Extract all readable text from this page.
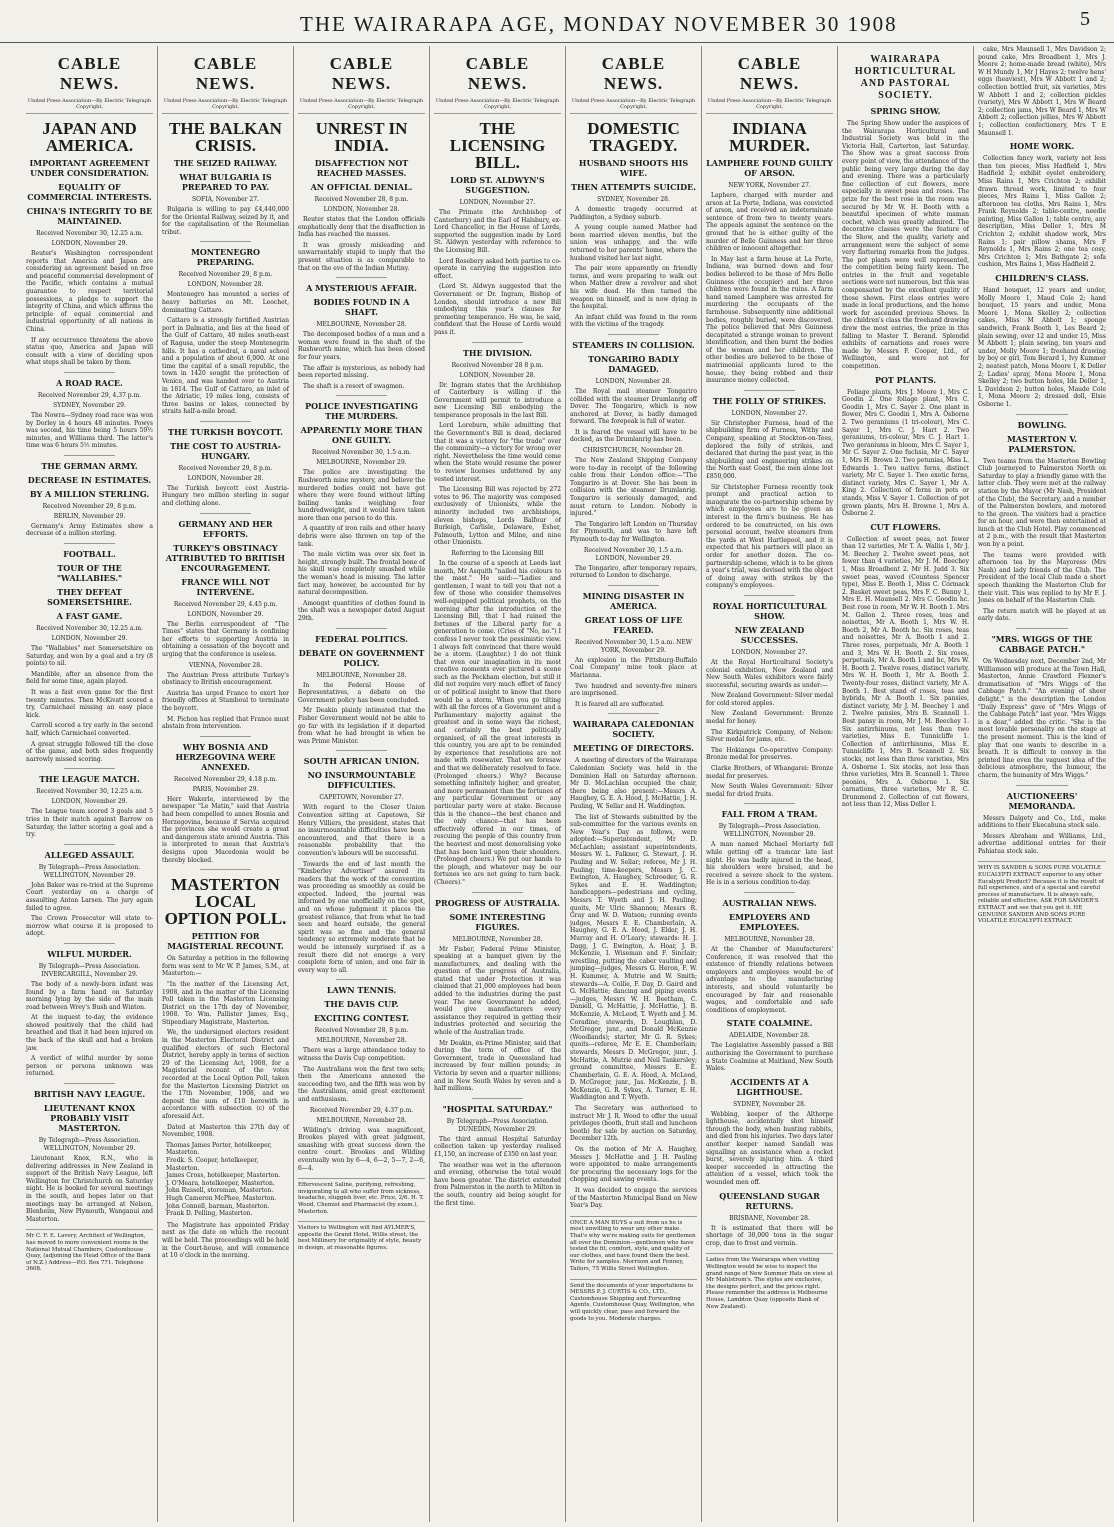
THE WAIRARAPA AGE, MONDAY NOVEMBER 30 1908	5
CABLE NEWS.
United Press Association—By Electric Telegraph Copyright.
JAPAN AND AMERICA.
IMPORTANT AGREEMENT UNDER CONSIDERATION.
EQUALITY OF COMMERCIAL INTERESTS.
CHINA'S INTEGRITY TO BE MAINTAINED.
Received November 30, 12.25 a.m.
LONDON, November 29.
Reuter's Washington correspondent reports that America and Japan are considering an agreement based on free and peaceful commercial development of the Pacific, which contains a mutual guarantee to respect territorial possessions, a pledge to support the integrity of China, and which affirms the principle of equal commercial and industrial opportunity of all nations in China.
If any occurrence threatens the above status quo, America and Japan will consult with a view of deciding upon what steps shall be taken by them.
A ROAD RACE.
Received November 29, 4.37 p.m.
SYDNEY, November 29.
The Nowra—Sydney road race was won by Dorley in 4 hours 48 minutes. Powys was second, his time being 5 hours 59½ minutes, and Williams third. The latter's time was 6 hours 5½ minutes.
THE GERMAN ARMY.
DECREASE IN ESTIMATES.
BY A MILLION STERLING.
Received November 29, 8 p.m.
BERLIN, November 29.
Germany's Army Estimates show a decrease of a million sterling.
FOOTBALL.
TOUR OF THE "WALLABIES."
THEY DEFEAT SOMERSETSHIRE.
A FAST GAME.
Received November 30, 12.25 a.m.
LONDON, November 29.
The "Wallabies" met Somersetshire on Saturday, and won by a goal and a try (8 points) to nil.
Mandible, after an absence from the field for some time, again played.
It was a fast even game for the first twenty minutes. Then McKivatt scored a try, Carmichael missing an easy place kick.
Carroll scored a try early in the second half, which Carmichael converted.
A great struggle followed till the close of the game, and both sides frequently narrowly missed scoring.
THE LEAGUE MATCH.
Received November 30, 12.25 a.m.
LONDON, November 29.
The League team scored 3 goals and 5 tries in their match against Barrow on Saturday, the latter scoring a goal and a try.
ALLEGED ASSAULT.
By Telegraph—Press Association. WELLINGTON, November 29.
John Baker was re-tried at the Supreme Court yesterday on a charge of assaulting Anton Larsen. The jury again failed to agree.
The Crown Prosecutor will state to-morrow what course it is proposed to adopt.
WILFUL MURDER.
By Telegraph—Press Association. INVERCARGILL, November 29.
The body of a newly-born infant was found by a farm hand on Saturday morning lying by the side of the main road between Wrey's Bush and Winton.
At the inquest to-day, the evidence showed positively that the child had breathed and that it had been injured on the back of the skull and had a broken jaw.
A verdict of wilful murder by some person or persons unknown was returned.
BRITISH NAVY LEAGUE.
LIEUTENANT KNOX PROBABLY VISIT MASTERTON.
By Telegraph—Press Association. WELLINGTON, November 29.
Lieutenant Knox, R.N., who is delivering addresses in New Zealand in support of the British Navy League, left Wellington for Christchurch on Saturday night. He is booked for several meetings in the south, and hopes later on that meetings may be arranged at Nelson, Blenheim, New Plymouth, Wanganui and Masterton.
Mr C. F. E. Lavery, Architect of Wellington, has moved to more convenient rooms in the National Mutual Chambers, Customhouse Quay, (adjoining the Head Office of the Bank of N.Z.) Address—P.O. Box 771. Telephone 3608.
CABLE NEWS.
United Press Association—By Electric Telegraph Copyright.
THE BALKAN CRISIS.
THE SEIZED RAILWAY.
WHAT BULGARIA IS PREPARED TO PAY.
SOFIA, November 27.
Bulgaria is willing to pay £4,440,000 for the Oriental Railway, seized by it, and for the capitalisation of the Roumelian tribut.
MONTENEGRO PREPARING.
Received November 29, 8 p.m.
LONDON, November 28.
Montenegro has mounted a series of heavy batteries on Mt. Leochet, dominating Cattaro.
Cattaro is a strongly fortified Austrian port in Dalmatia, and lies at the head of the Gulf of Cattaro, 40 miles south-east of Ragusa, under the steep Montenegrin hills. It has a cathedral, a naval school and a population of about 6,000. At one time the capital of a small republic, the town in 1420 sought the protection of Venice, and was handed over to Austria in 1814. The Gulf of Cattaro, an inlet of the Adriatic, 19 miles long, consists of three basins or lakes, connected by straits half-a-mile broad.
THE TURKISH BOYCOTT.
THE COST TO AUSTRIA-HUNGARY.
Received November 29, 8 p.m.
LONDON, November 28.
The Turkish boycott cost Austria-Hungary two million sterling in sugar and clothing alone.
GERMANY AND HER EFFORTS.
TURKEY'S OBSTINACY ATTRIBUTED TO BRITISH ENCOURAGEMENT.
FRANCE WILL NOT INTERVENE.
Received November 29, 4.45 p.m.
LONDON, November 29.
The Berlin correspondent of "The Times" states that Germany is confining her efforts to supporting Austria in obtaining a cessation of the boycott and urging that the conference is useless.
VIENNA, November 28.
The Austrian Press attribute Turkey's obstinacy to British encouragement.
Austria has urged France to exert her friendly offices at Stamboul to terminate the boycott.
M. Pichon has replied that France must abstain from intervention.
WHY BOSNIA AND HERZEGOVINA WERE ANNEXED.
Received November 29, 4.18 p.m.
PARIS, November 29.
Herr Wakerle, interviewed by the newspaper "Le Matin," said that Austria had been compelled to annex Bosnia and Herzegovina, because if Servia acquired the provinces she would create a great and dangerous state around Austria. This is interpreted to mean that Austria's designs upon Macedonia would be thereby blocked.
MASTERTON LOCAL OPTION POLL.
PETITION FOR MAGISTERIAL RECOUNT.
On Saturday a petition in the following form was sent to Mr W. P. James, S.M., at Masterton:—
"In the matter of the Licensing Act, 1908, and in the matter of the Licensing Poll taken in the Masterton Licensing District on the 17th day of November, 1908. To Wm. Pallister James, Esq., Stipendiary Magistrate, Masterton.
We, the undersigned electors resident in the Masterton Electoral District and qualified electors of such Electoral District, hereby apply in terms of section 29 of the Licensing Act, 1908, for a Magisterial recount of the votes recorded at the Local Option Poll, taken for the Masterton Licensing District on the 17th November, 1908, and we deposit the sum of £10 herewith in accordance with subsection (c) of the aforesaid Act.
Dated at Masterton this 27th day of November, 1908.
Thomas James Porter, hotelkeeper, Masterton.
Fredk. S. Cooper, hotelkeeper, Masterton.
James Cross, hotelkeeper, Masterton.
J. O'Meara, hotelkeeper, Masterton.
John Russell, storeman, Masterton.
Hugh Cameron McPhee, Masterton.
John Connell, barman, Masterton.
Frank D. Pelling, Masterton.
The Magistrate has appointed Friday next as the date on which the recount will be held. The proceedings will be held in the Court-house, and will commence at 10 o'clock in the morning.
CABLE NEWS.
United Press Association—By Electric Telegraph Copyright.
UNREST IN INDIA.
DISAFFECTION NOT REACHED MASSES.
AN OFFICIAL DENIAL.
Received November 28, 8 p.m.
LONDON, November 28.
Reuter states that the London officials emphatically deny that the disaffection in India has reached the masses.
It was grossly misleading and unwarrantably stupid to imply that the present situation is as comparable to that on the eve of the Indian Mutiny.
A MYSTERIOUS AFFAIR.
BODIES FOUND IN A SHAFT.
MELBOURNE, November 28.
The decomposed bodies of a man and a woman were found in the shaft of the Rushworth mine, which has been closed for four years.
The affair is mysterious, as nobody had been reported missing.
The shaft is a resort of swagmen.
POLICE INVESTIGATING THE MURDERS.
APPARENTLY MORE THAN ONE GUILTY.
Received November 30, 1.5 a.m.
MELBOURNE, November 29.
The police are investigating the Rushworth mine mystery, and believe the murdered bodies could not have got where they were found without lifting bailing tanks weighing four hundredweight, and it would have taken more than one person to do this.
A quantity of iron rails and other heavy debris were also thrown on top of the tank.
The male victim was over six feet in height, strongly built. The frontal bone of his skull was completely smashed while the woman's head is missing. The latter fact may, however, be accounted for by natural decomposition.
Amongst quantities of clothes found in the shaft was a newspaper dated August 29th.
FEDERAL POLITICS.
DEBATE ON GOVERNMENT POLICY.
MELBOURNE, November 28.
In the Federal House of Representatives, a debate on the Government policy has been concluded.
Mr Deakin plainly intimated that the Fisher Government would not be able to go far with its legislation if it departed from what he had brought in when he was Prime Minister.
SOUTH AFRICAN UNION.
NO INSURMOUNTABLE DIFFICULTIES.
CAPETOWN, November 27.
With regard to the Closer Union Convention sitting at Capetown, Sir Henry Villiers, the president, states that no insurmountable difficulties have been encountered, and that there is a reasonable probability that the convention's labours will be successful.
Towards the end of last month the "Kimberley Advertiser" assured its readers that the work of the convention was proceeding as smoothly as could be expected. Indeed, the journal was informed by one unofficially on the spot, and on whose judgment it places the greatest reliance, that from what he had seen and heard outside, the general spirit was so fine and the general tendency so extremely moderate that he would be intensely surprised if as a result there did not emerge a very complete form of union, and one fair in every way to all.
LAWN TENNIS.
THE DAVIS CUP.
EXCITING CONTEST.
Received November 28, 8 p.m.
MELBOURNE, November 28.
There was a large attendance today to witness the Davis Cup competition.
The Australians won the first two sets; then the Americans annexed the succeeding two, and the fifth was won by the Australians, amid great excitement and enthusiasm.
Received November 29, 4.37 p.m.
MELBOURNE, November 28.
Wilding's driving was magnificent, Brookes played with great judgment, smashing with great success down the centre court. Brookes and Wilding eventually won by 6—4, 6—2, 5—7, 2—6, 6—4.
Effervescent Saline, purifying, refreshing, invigorating to all who suffer from sickness, headache, sluggish liver, etc. Price, 2/6. H. T. Wood, Chemist and Pharmacist (by exam.), Masterton.
Visitors to Wellington will find AYLMER'S, opposite the Grand Hotel, Willis street, the best Millinery for originality of style, beauty in design, at reasonable figures.
CABLE NEWS.
United Press Association—By Electric Telegraph Copyright.
THE LICENSING BILL.
LORD ST. ALDWYN'S SUGGESTION.
LONDON, November 27.
The Primate (the Archbishop of Canterbury) and the Earl of Halsbury, ex-Lord Chancellor, in the House of Lords, supported the suggestion made by Lord St. Aldwyn yesterday with reference to the Licensing Bill.
Lord Rosebery asked both parties to co-operate in carrying the suggestion into effect.
(Lord St. Aldwyn suggested that the Government or Dr. Ingram, Bishop of London, should introduce a new Bill embodying this year's clauses for promoting temperance. He was, he said, confident that the House of Lords would pass it.
THE DIVISION.
Received November 28 8 p.m.
LONDON, November 28.
Dr. Ingram states that the Archbishop of Canterbury is willing if the Government will permit to introduce a new Licensing Bill embodying the temperance proposals in the last Bill.
Lord Loreburn, while admitting that the Government's Bill is dead, declared that it was a victory for "the trade" over the community—a victory for wrong over right. Nevertheless the time would come when the State would resume the power to review licenses unfettered by any vested interest.
The Licensing Bill was rejected by 272 votes to 96. The majority was composed exclusively of Unionists, while the minority included two archbishops, eleven bishops, Lords Balfour of Burleigh, Carlisle, Delaware, Esher, Falmouth, Lytton and Milne, and nine other Unionists.
Referring to the Licensing Bill
In the course of a speech at Leeds last month, Mr Asquith "nailed his colours to the mast." He said:—"Ladies and gentlemen, I want to tell you that not a few of those who consider themselves well-equipped political prophets, on the morning after the introduction of the Licensing Bill, that I had ruined the fortunes of the Liberal party for a generation to come. (Cries of "No, no.") I confess I never took the pessimistic view. I always felt convinced that there would be a storm. (Laughter.) I do not think that even our imagination in its most creative moments ever pictured a scene such as the Peckham election, but still it did not require very much effort of fancy or of political insight to know that there would be a storm. When you go tilting with all the forces of a Government and a Parliamentary majority against the greatest and in some ways the richest, and certainly the best politically organised, of all the great interests in this country, you are apt to be reminded by experience that resolutions are not made with rosewater. That we foresaw and that we deliberately resolved to face. (Prolonged cheers.) Why? Because something infinitely higher, and greater, and more permanent than the fortunes of any particular Government or any particular party were at stake. Because this is the chance—the best chance and the only chance—that has been effectively offered in our times, of rescuing the people of this country from the heaviest and most demoralising yoke that has been laid upon their shoulders. (Prolonged cheers.) We put our hands to the plough, and whatever may be our fortunes we are not going to turn back. (Cheers)."
PROGRESS OF AUSTRALIA.
SOME INTERESTING FIGURES.
MELBOURNE, November 28.
Mr Fisher, Federal Prime Minister, speaking at a banquet given by the manufacturers, and dealing with the question of the progress of Australia, stated that under Protection it was claimed that 21,000 employees had been added to the industries during the past year. The new Government he added, would give manufacturers every assistance they required in getting their industries protected and securing the whole of the Australian trade.
Mr Deakin, ex-Prime Minister, said that during the term of office of the Government, trade in Queensland had increased by four million pounds; in Victoria by seven and a quarter millions; and in New South Wales by seven and a half millions.
"HOSPITAL SATURDAY."
By Telegraph—Press Association. DUNEDIN, November 29.
The third annual Hospital Saturday collection taken up yesterday realised £1,150, an increase of £350 on last year.
The weather was wet in the afternoon and evening, otherwise the total would have been greater. The district extended from Palmerston in the north to Milton in the south, country aid being sought for the first time.
CABLE NEWS.
United Press Association—By Electric Telegraph Copyright.
DOMESTIC TRAGEDY.
HUSBAND SHOOTS HIS WIFE.
THEN ATTEMPTS SUICIDE.
SYDNEY, November 28.
A domestic tragedy occurred at Paddington, a Sydney suburb.
A young couple named Mather had been married eleven months, but the union was unhappy, and the wife returned to her parents' home, where the husband visited her last night.
The pair were apparently on friendly terms, and were preparing to walk out when Mather drew a revolver and shot his wife dead. He then turned the weapon on himself, and is now dying in the hospital.
An infant child was found in the room with the victims of the tragedy.
STEAMERS IN COLLISION.
TONGARIRO BADLY DAMAGED.
LONDON, November 28.
The Royal mail steamer Tongariro collided with the steamer Drumlanrig off Dover. The Tongariro, which is now anchored at Dover, is badly damaged forward. The forepeak is full of water.
It is feared the vessel will have to be docked, as the Drumlanrig has been.
CHRISTCHURCH, November 28.
The New Zealand Shipping Company were to-day in receipt of the following cable from their London office:—"The Tongariro is at Dover. She has been in collision with the steamer Drumlanrig. Tongariro is seriously damaged, and must return to London. Nobody is injured."
The Tongariro left London on Thursday for Plymouth, and was to have left Plymouth to-day for Wellington.
Received November 30, 1.5 a.m. LONDON, November 29.
The Tongariro, after temporary repairs, returned to London to discharge.
MINING DISASTER IN AMERICA.
GREAT LOSS OF LIFE FEARED.
Received November 30, 1.5 a.m. NEW YORK, November 29.
An explosion in the Pittsburg-Buffalo Coal Company' mine took place at Marianna.
Two hundred and seventy-five miners are imprisoned.
It is feared all are suffocated.
WAIRARAPA CALEDONIAN SOCIETY.
MEETING OF DIRECTORS.
A meeting of directors of the Wairarapa Caledonian Society was held in the Dominion Hall on Saturday afternoon. Mr D. McLachlan occupied the chair, there being also present:—Messrs A. Haughey, G. E. A. Hood, J. McHattie, J. H. Pauling, W. Sellar and H. Waddington.
The list of Stewards submitted by the sub-committee for the various events on New Year's Day as follows, were adopted:—Superintendent, Mr D. McLachlan; assistant superintendents, Messrs W. L. Falkner, G. Stewart, J. H. Pauling and W. Sellar; referee, Mr J. H. Pauling; time-keepers, Messrs J. C. Ewington, A. Haughey, Schroeder, G. R. Sykes and E. H. Waddington; handicappers—pedestrians and cycling, Messrs T. Wyeth and J. H. Pauling; quoits, Mr Ulric Shannon; Messrs R. Gray and W. D. Watson; running events judges, Messrs E. E. Chamberlain, A. Haughey, G. E. A. Hood, J. Elder, J. H. Murray and H. O'Leary; stewards: H. J. Dagg, J. C. Ewington, A. Hoar, J. B. McKenzie, I. Wiseman and F. Sinclair; wrestling, putting the caber vaulting and jumping—judges, Messrs G. Heron, F. W. H. Kummer, A. Mutrie and W. Smith; stewards—A. Collie, F. Day, D. Gaird and G. McHattie; dancing and piping events—judges, Messrs W. H. Beetham, C. Daniell, G. McHattie, J. McHattie, J. B. McKenzie, A. McLeod, T. Wyeth and J. M. Coradine; stewards, D. Loughlan, D. McGregor, junr., and Donald McKenzie (Woodlands); starter, Mr G. R. Sykes; quoits—referee, Mr E. E. Chamberlain; stewards, Messrs D. McGregor, junr., J. McHattie, A. Mutrie and Neil Tankersley; ground committee, Messrs E. E. Chamberlain, G. E. A. Hood, A. McLeod, D. McGregor, junr., Jas. McKenzie, J. B. McKenzie, G. R. Sykes, A. Turner, E. H. Waddington and T. Wyeth.
The Secretary was authorised to instruct Mr J. R. Wood to offer the usual privileges (booth, fruit stall and luncheon booth) for sale by auction on Saturday, December 12th.
On the motion of Mr A. Haughey, Messrs J. McHattie and J. H. Pauling were appointed to make arrangements for procuring the necessary logs for the chopping and sawing events.
It was decided to engage the services of the Masterton Municipal Band on New Year's Day.
ONCE A MAN BUYS a suit from us he is most unwilling to wear any other make. That's why we're making suits for gentlemen all over the Dominion—gentlemen who have tested the fit, comfort, style, and quality of our clothes, and have found them the best. Write for samples. Morrison and Fenney, Tailors, 75 Willis Street Wellington.
Send the documents of your importations to MESSRS P. J. CURTIS & CO., LTD., Customhouse Shipping and Forwarding Agents, Customhouse Quay, Wellington, who will quickly clear, pass and forward the goods to you. Moderate charges.
CABLE NEWS.
United Press Association—By Electric Telegraph Copyright.
INDIANA MURDER.
LAMPHERE FOUND GUILTY OF ARSON.
NEW YORK, November 27.
Laphere, charged with murder and arson at La Porte, Indiana, was convicted of arson, and received an indeterminate sentence of from two to twenty years. The appeals against the sentence on the ground that he is either guilty of the murder of Belle Guinness and her three children or innocent altogether.
In May last a farm house at La Porte, Indiana, was burned down and four bodies believed to be those of Mrs Belle Guinness (the occupier) and her three children were found in the ruins. A farm hand named Lamphere was arrested for murdering the occupants of the farmhouse. Subsequently nine additional bodies, roughly buried, were discovered. The police believed that Mrs Guinness decapitated a strange woman to prevent identification, and then burnt the bodies of the woman and her children. The other bodies are believed to be those of matrimonial applicants lured to the house, they being robbed and their insurance money collected.
THE FOLLY OF STRIKES.
LONDON, November 27.
Sir Christopher Furness, head of the shipbuilding firm of Furness, Withy and Company, speaking at Stockton-on-Tees, deplored the folly of strikes, and declared that during the past year, in the shipbuilding and engineering strikes on the North east Coast, the men alone lost £850,000.
Sir Christopher Furness recently took prompt and practical action to inaugurate the co-partnership scheme by which employees are to be given an interest in the firm's business. He has ordered to be constructed, on his own personal account, twelve steamers from the yards at West Hartlepool, and it is expected that his partners will place an order for another dozen. The co-partnership scheme, which is to be given a year's trial, was devised with the object of doing away with strikes by the company's employees.
ROYAL HORTICULTURAL SHOW.
NEW ZEALAND SUCCESSES.
LONDON, November 27.
At the Royal Horticultural Society's colonial exhibition, New Zealand and New South Wales exhibitors were fairly successful, securing awards as under:—
New Zealand Government: Silver medal for cold stored apples.
New Zealand Government: Bronze medal for honey.
The Kirkpatrick Company, of Nelson: Silver medal for jams, etc.
The Hokianga Co-operative Company: Bronze medal for preserves.
Clarke Brothers, of Whangarei: Bronze medal for preserves.
New South Wales Government: Silver medal for dried fruits.
FALL FROM A TRAM.
By Telegraph—Press Association. WELLINGTON, November 29.
A man named Michael Moriarty fell while getting off a tramcar late last night. He was badly injured in the head, his shoulders were bruised, and he received a severe shock to the system. He is in a serious condition to-day.
AUSTRALIAN NEWS.
EMPLOYERS AND EMPLOYEES.
MELBOURNE, November 28.
At the Chamber of Manufacturers' Conference, it was resolved that the existence of friendly relations between employers and employees would be of advantage to the manufacturing interests, and should voluntarily be encouraged by fair and reasonable wages, and comfortable and safe conditions of employment.
STATE COALMINE.
ADELAIDE, November 28.
The Legislative Assembly passed a Bill authorising the Government to purchase a State Coalmine at Maitland, New South Wales.
ACCIDENTS AT A LIGHTHOUSE.
SYDNEY, November 28.
Webbing, keeper of the Althorpe lighthouse, accidentally shot himself through the body, when hunting rabbits, and died from his injuries. Two days later another keeper named Sandall was signalling an assistance when a rocket burst, severely injuring him. A third keeper succeeded in attracting the attention of a vessel, which took the wounded men off.
QUEENSLAND SUGAR RETURNS.
BRISBANE, November 28.
It is estimated that there will be shortage of 30,000 tons in the sugar crop, due to frost and vermin.
Ladies from the Wairarapa when visiting Wellington would be wise to inspect the grand range of New Summer Hats on view at Mr Mahlstrom's. The styles are exclusive, the designs perfect, and the prices right. Please remember the address is Melbourne House, Lambton Quay (opposite Bank of New Zealand).
WAIRARAPA HORTICULTURAL AND PASTORAL SOCIETY.
SPRING SHOW.
The Spring Show under the auspices of the Wairarapa Horticultural and Industrial Society was held in the Victoria Hall, Carterton, last Saturday. The Show was a great success from every point of view, the attendance of the public being very large during the day and evening. There was a particularly fine collection of cut flowers, more especially in sweet peas and roses. The prize for the best rose in the room was secured by Mr W. H. Booth with a beautiful specimen of white maman cochet, which was greatly admired. The decorative classes were the feature of the Show, and the quality, variety and arrangement were the subject of some very flattering remarks from the judges. The pot plants were well represented, the competition being fairly keen. The entries in the fruit and vegetable sections were not numerous, but this was compensated by the excellent quality of those shown. First class entries were made in local productions, and the home work for ascended previous Shows. In the children's class the freehand drawing drew the most entries, the prize in this falling to Master T. Berand. Splendid exhibits of carnations and roses were made by Messrs F. Cooper, Ltd., of Wellington, and were not for competition.
POT PLANTS.
Foliage plants, Mrs J. Moore 1, Mrs C. Goodin 2. One foliage plant, Mrs C. Goodin 1, Mrs C. Sayer 2. One plant in flower, Mrs C. Goodin 1, Mrs A. Osborne 2. Two geraniums (1 tri-colour), Mrs C. Sayer 1, Mrs C. J. Hart 2. Two geraniums, tri-colour, Mrs C. J. Hart 1. Two geraniums in bloom, Mrs C. Sayer 1, Mr C. Sayer 2. One fuchsia, Mr C. Sayer 1, Mrs H. Brown 2. Two petunias, Miss L. Edwards 1. Two native ferns, distinct variety, Mr C. Sayer 1. Two exotic ferns, distinct variety, Mrs C. Sayer 1, Mr A. King 2. Collection of ferns in pots or stands, Miss V. Sayer 1. Collection of pot grown plants, Mrs H. Browne 1, Mrs A. Osborne 2.
CUT FLOWERS.
Collection of sweet peas, not fewer than 12 varieties, Mr T. A. Wallis 1, Mr J. M. Beechey 2. Twelve sweet peas, not fewer than 4 varieties, Mr J. M. Beechey 1, Miss Broadbent 2. Mr H. Judd 3. Six sweet peas, waved (Countess Spencer type), Miss E. Booth 1, Miss C. Cormack 2. Basket sweet peas, Mrs F. C. Bunny 1, Mrs E. H. Maunsell 2. Mrs C. Goodin hc. Best rose in room, Mr W. H. Booth 1. Mrs M. Gallon 2. Three roses, teas and noisettes, Mr A. Booth 1, Mrs W. H. Booth 2, Mr A. Booth hc. Six roses, teas and noisettes, Mr A. Booth 1 and 2. Three roses, perpetuals, Mr A. Booth 1 and 3, Mrs W. H. Booth 2. Six roses, perpetuals, Mr A. Booth 1 and hc, Mrs W. H. Booth 2. Twelve roses, distinct variety, Mrs W. H. Booth 1, Mr A. Booth 2. Twenty-four roses, distinct variety, Mr A. Booth 1. Best stand of roses, teas and hybrids, Mr A. Booth 1. Six pansies, distinct variety, Mr J. M. Beechey 1 and 2. Twelve pansies, Mrs B. Scannell 1. Best pansy in room, Mr J. M. Beechey 1. Six antirrhinums, not less than two varieties, Miss E. Tunnicliffe 1. Collection of antirrhinums, Miss E. Tunnicliffe 1, Mrs B. Scannell 2. Six stocks, not less than three varieties, Mrs A. Osborne 1. Six stocks, not less than three varieties, Mrs B. Scannell 1. Three peonies, Mrs A. Osborne 1. Six carnations, three varieties, Mr R. C. Drummond 2. Collection of cut flowers, not less than 12, Miss Deller 1.
cake, Mrs Maunsell 1, Mrs Davidson 2; pound cake, Mrs Broadbent 1, Mrs J. Moore 2; home-made bread (white), Mrs W H Mundy 1, Mr J Hayes 2; twelve hens' eggs (heaviest), Mrs W Abbott 1 and 2; collection bottled fruit, six varieties, Mrs W Abbott 1 and 2; collection pickles (variety), Mrs W Abbott 1, Mrs W Beard 2; collection jams, Mrs W Beard 1, Mrs W Abbott 2; collection jellies, Mrs W Abbott 1; collection confectionery, Mrs T E Maunsell 1.
HOME WORK.
Collection fancy work, variety not less than ten pieces, Miss Hadfield 1, Mrs Hadfield 2; exhibit eyelet embroidery, Miss Rains 1, Mrs Crichton 2; exhibit drawn thread work, limited to four pieces, Mrs Rains 1, Miss Gallon 2; afternoon tea cloths, Mrs Rains 1, Mrs Frank Reynolds 2; table-centre, needle painting, Miss Gallon 1; table centre, any description, Miss Deller 1, Mrs M Crichton 2; exhibit shadow work, Mrs Rains 1; pair pillow shams, Mrs F Reynolds 1, Mrs Rains 2; one tea cosy, Mrs Crichton 1; Mrs Bathgate 2; sofa cushion, Mrs Rains 1, Miss Hadfield 2.
CHILDREN'S CLASS.
Hand bouquet, 12 years and under, Molly Moore 1, Maud Cole 2; hand bouquet, 15 years and under, Mona Moore 1, Mona Skelley 2; collection cakes, Miss M Abbott 1; sponge sandwich, Frank Booth 1, Les Beard 2; plain sewing, over 12 and under 15, Miss M Abbott 1; plain sewing, ten years and under, Molly Moore 1; freehand drawing by boy or girl, Tom Berard 1, Ivy Kummer 2; neatest patch, Mona Moore 1, K Deller 2; Ladies' spray, Mona Moore 1, Mona Skelley 2; two button holes, Ida Deller 1, L Davidson 2; button holes, Maude Cole 1, Mona Moore 2; dressed doll, Elsie Osborne 1.
BOWLING.
MASTERTON V. PALMERSTON.
Two teams from the Masterton Bowling Club journeyed to Palmerston North on Saturday to play a friendly game with the latter club. They were met at the railway station by the Mayor (Mr Nash, President of the Club), the Secretary, and a number of the Palmerston bowlers, and motored to the green. The visitors had a practice for an hour, and were then entertained at lunch at the Club Hotel. Play commenced at 2 p.m., with the result that Masterton won by a point.
The teams were provided with afternoon tea by the Mayoress (Mrs Nash) and lady friends of the Club. The President of the local Club made a short speech thanking the Masterton Club for their visit. This was replied to by Mr F. J. Jones on behalf of the Masterton Club.
The return match will be played at an early date.
"MRS. WIGGS OF THE CABBAGE PATCH."
On Wednesday next, December 2nd, Mr Williamson will produce at the Town Hall, Masterton, Annie Crawford Flexner's dramatisation of "Mrs Wiggs of the Cabbage Patch." "An evening of sheer delight," is the description the London "Daily Express" gave of "Mrs Wiggs of the Cabbage Patch" last year. "Mrs Wiggs is a dear," added the critic. "She is the most lovable personality on the stage at the present moment. This is the kind of play that one wants to describe in a breath. It is difficult to convey in the printed line even the vaguest idea of the delicious atmosphere, the humour, the charm, the humanity of Mrs Wiggs."
AUCTIONEERS' MEMORANDA.
Messrs Dalgety and Co., Ltd., make additions to their Ekecahuna stock sale.
Messrs Abraham and Williams, Ltd., advertise additional entries for their Pahiatua stock sale.
WHY IS SANDER & SONS PURE VOLATILE EUCALYPTI EXTRACT superior to any other Eucalypti Product? Because it is the result of full experience, and of a special and careful process of manufacture. It is always safe, reliable and effective. ASK FOR SANDER'S EXTRACT and see that you get it. HE GENUINE SANDER AND SONS PURE VOLATILE EUCALYPTI EXTRACT.
